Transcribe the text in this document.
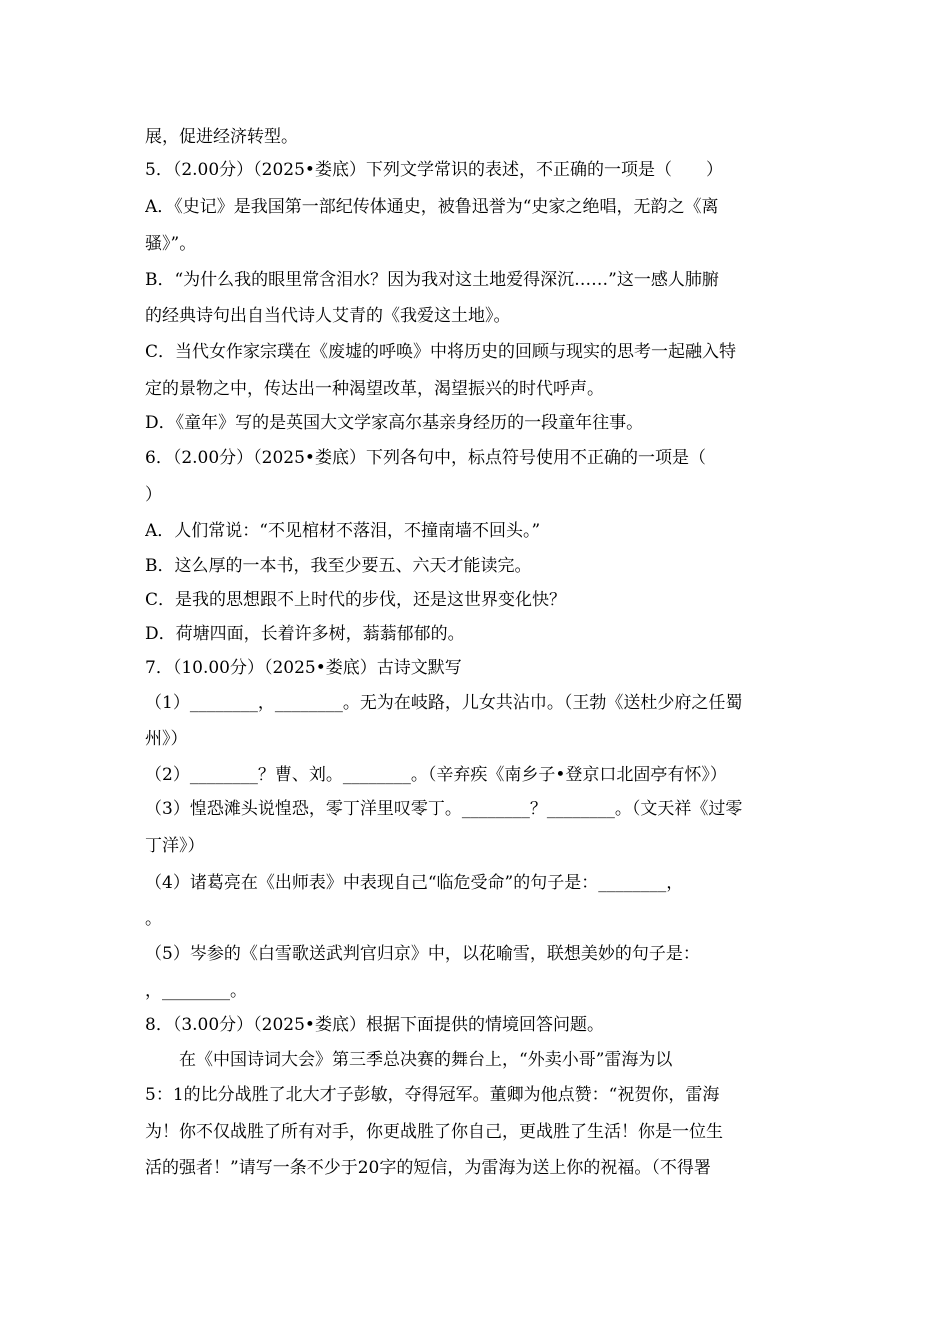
展，促进经济转型。
5．（2.00分）（2025•娄底）下列文学常识的表述，不正确的一项是（　　）
A．《史记》是我国第一部纪传体通史，被鲁迅誉为“史家之绝唱，无韵之《离
骚》”。
B．“为什么我的眼里常含泪水？因为我对这土地爱得深沉……”这一感人肺腑
的经典诗句出自当代诗人艾青的《我爱这土地》。
C．当代女作家宗璞在《废墟的呼唤》中将历史的回顾与现实的思考一起融入特
定的景物之中，传达出一种渴望改革，渴望振兴的时代呼声。
D．《童年》写的是英国大文学家高尔基亲身经历的一段童年往事。
6．（2.00分）（2025•娄底）下列各句中，标点符号使用不正确的一项是（
）
A．人们常说：“不见棺材不落泪，不撞南墙不回头。”
B．这么厚的一本书，我至少要五、六天才能读完。
C．是我的思想跟不上时代的步伐，还是这世界变化快？
D．荷塘四面，长着许多树，蓊蓊郁郁的。
7．（10.00分）（2025•娄底）古诗文默写
（1）________，________。无为在岐路，儿女共沾巾。（王勃《送杜少府之任蜀
州》）
（2）________？曹、刘。________。（辛弃疾《南乡子•登京口北固亭有怀》）
（3）惶恐滩头说惶恐，零丁洋里叹零丁。________？________。（文天祥《过零
丁洋》）
（4）诸葛亮在《出师表》中表现自己“临危受命”的句子是：________，
。
（5）岑参的《白雪歌送武判官归京》中，以花喻雪，联想美妙的句子是：
，________。
8．（3.00分）（2025•娄底）根据下面提供的情境回答问题。
　　在《中国诗词大会》第三季总决赛的舞台上，“外卖小哥”雷海为以
5：1的比分战胜了北大才子彭敏，夺得冠军。董卿为他点赞：“祝贺你，雷海
为！你不仅战胜了所有对手，你更战胜了你自己，更战胜了生活！你是一位生
活的强者！”请写一条不少于20字的短信，为雷海为送上你的祝福。（不得署
